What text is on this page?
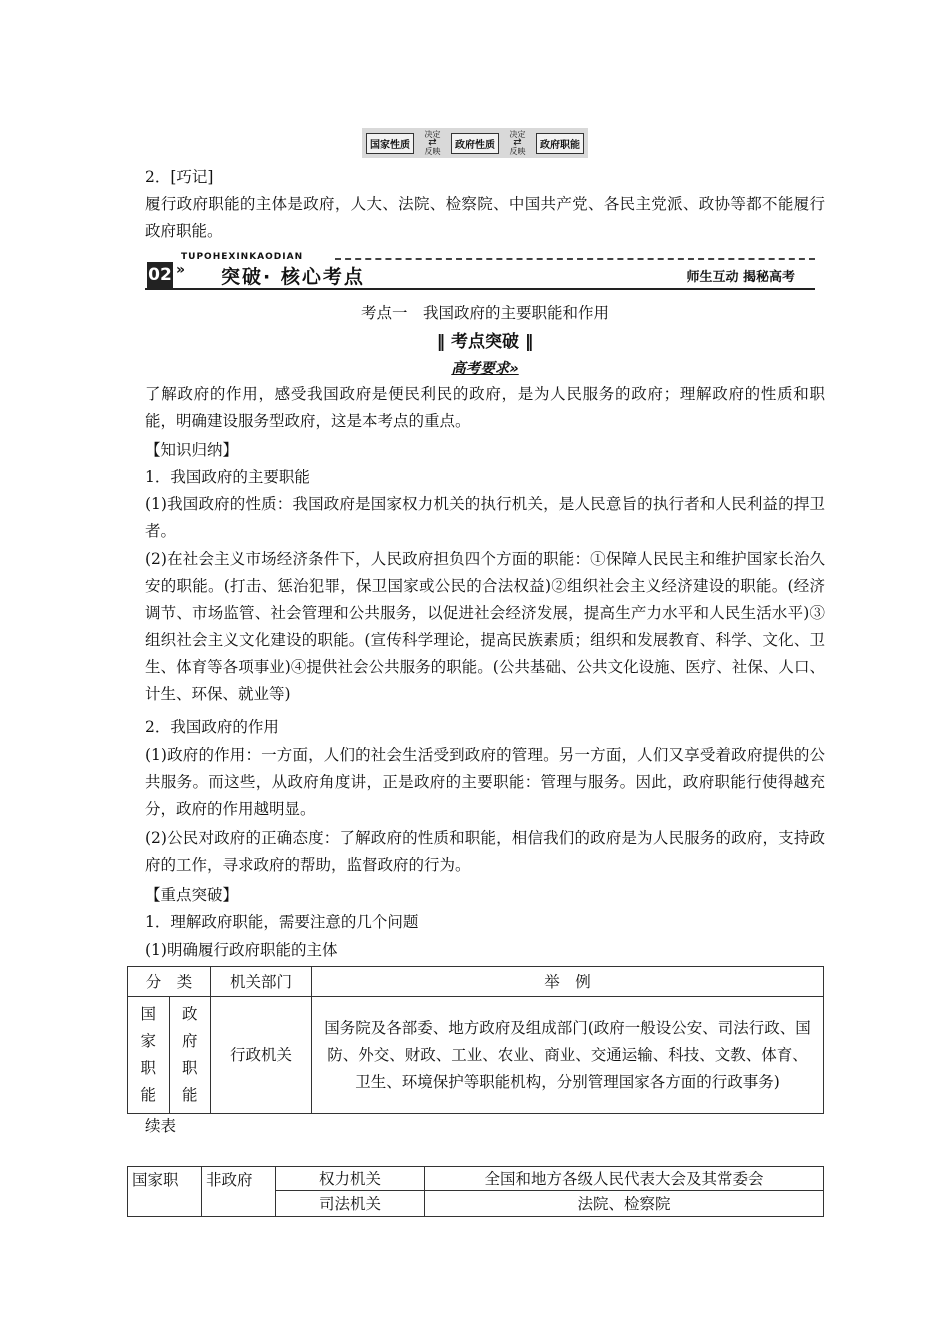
国家性质
决定
⇄
反映
政府性质
决定
⇄
反映
政府职能
2．[巧记]
履行政府职能的主体是政府，人大、法院、检察院、中国共产党、各民主党派、政协等都不能履行政府职能。
TUPOHEXINKAODIAN
02 » 突破· 核心考点	师生互动 揭秘高考
考点一　我国政府的主要职能和作用
‖ 考点突破 ‖
高考要求»
了解政府的作用，感受我国政府是便民利民的政府，是为人民服务的政府；理解政府的性质和职能，明确建设服务型政府，这是本考点的重点。
【知识归纳】
1．我国政府的主要职能
(1)我国政府的性质：我国政府是国家权力机关的执行机关，是人民意旨的执行者和人民利益的捍卫者。
(2)在社会主义市场经济条件下，人民政府担负四个方面的职能：①保障人民民主和维护国家长治久安的职能。(打击、惩治犯罪，保卫国家或公民的合法权益)②组织社会主义经济建设的职能。(经济调节、市场监管、社会管理和公共服务，以促进社会经济发展，提高生产力水平和人民生活水平)③组织社会主义文化建设的职能。(宣传科学理论，提高民族素质；组织和发展教育、科学、文化、卫生、体育等各项事业)④提供社会公共服务的职能。(公共基础、公共文化设施、医疗、社保、人口、计生、环保、就业等)
2．我国政府的作用
(1)政府的作用：一方面，人们的社会生活受到政府的管理。另一方面，人们又享受着政府提供的公共服务。而这些，从政府角度讲，正是政府的主要职能：管理与服务。因此，政府职能行使得越充分，政府的作用越明显。
(2)公民对政府的正确态度：了解政府的性质和职能，相信我们的政府是为人民服务的政府，支持政府的工作，寻求政府的帮助，监督政府的行为。
【重点突破】
1．理解政府职能，需要注意的几个问题
(1)明确履行政府职能的主体
分　类		机关部门	举　例
国
家
职
能	政
府
职
能	行政机关	国务院及各部委、地方政府及组成部门(政府一般设公安、司法行政、国防、外交、财政、工业、农业、商业、交通运输、科技、文教、体育、卫生、环境保护等职能机构，分别管理国家各方面的行政事务)
续表
国家职	非政府	权力机关	全国和地方各级人民代表大会及其常委会
		司法机关	法院、检察院
